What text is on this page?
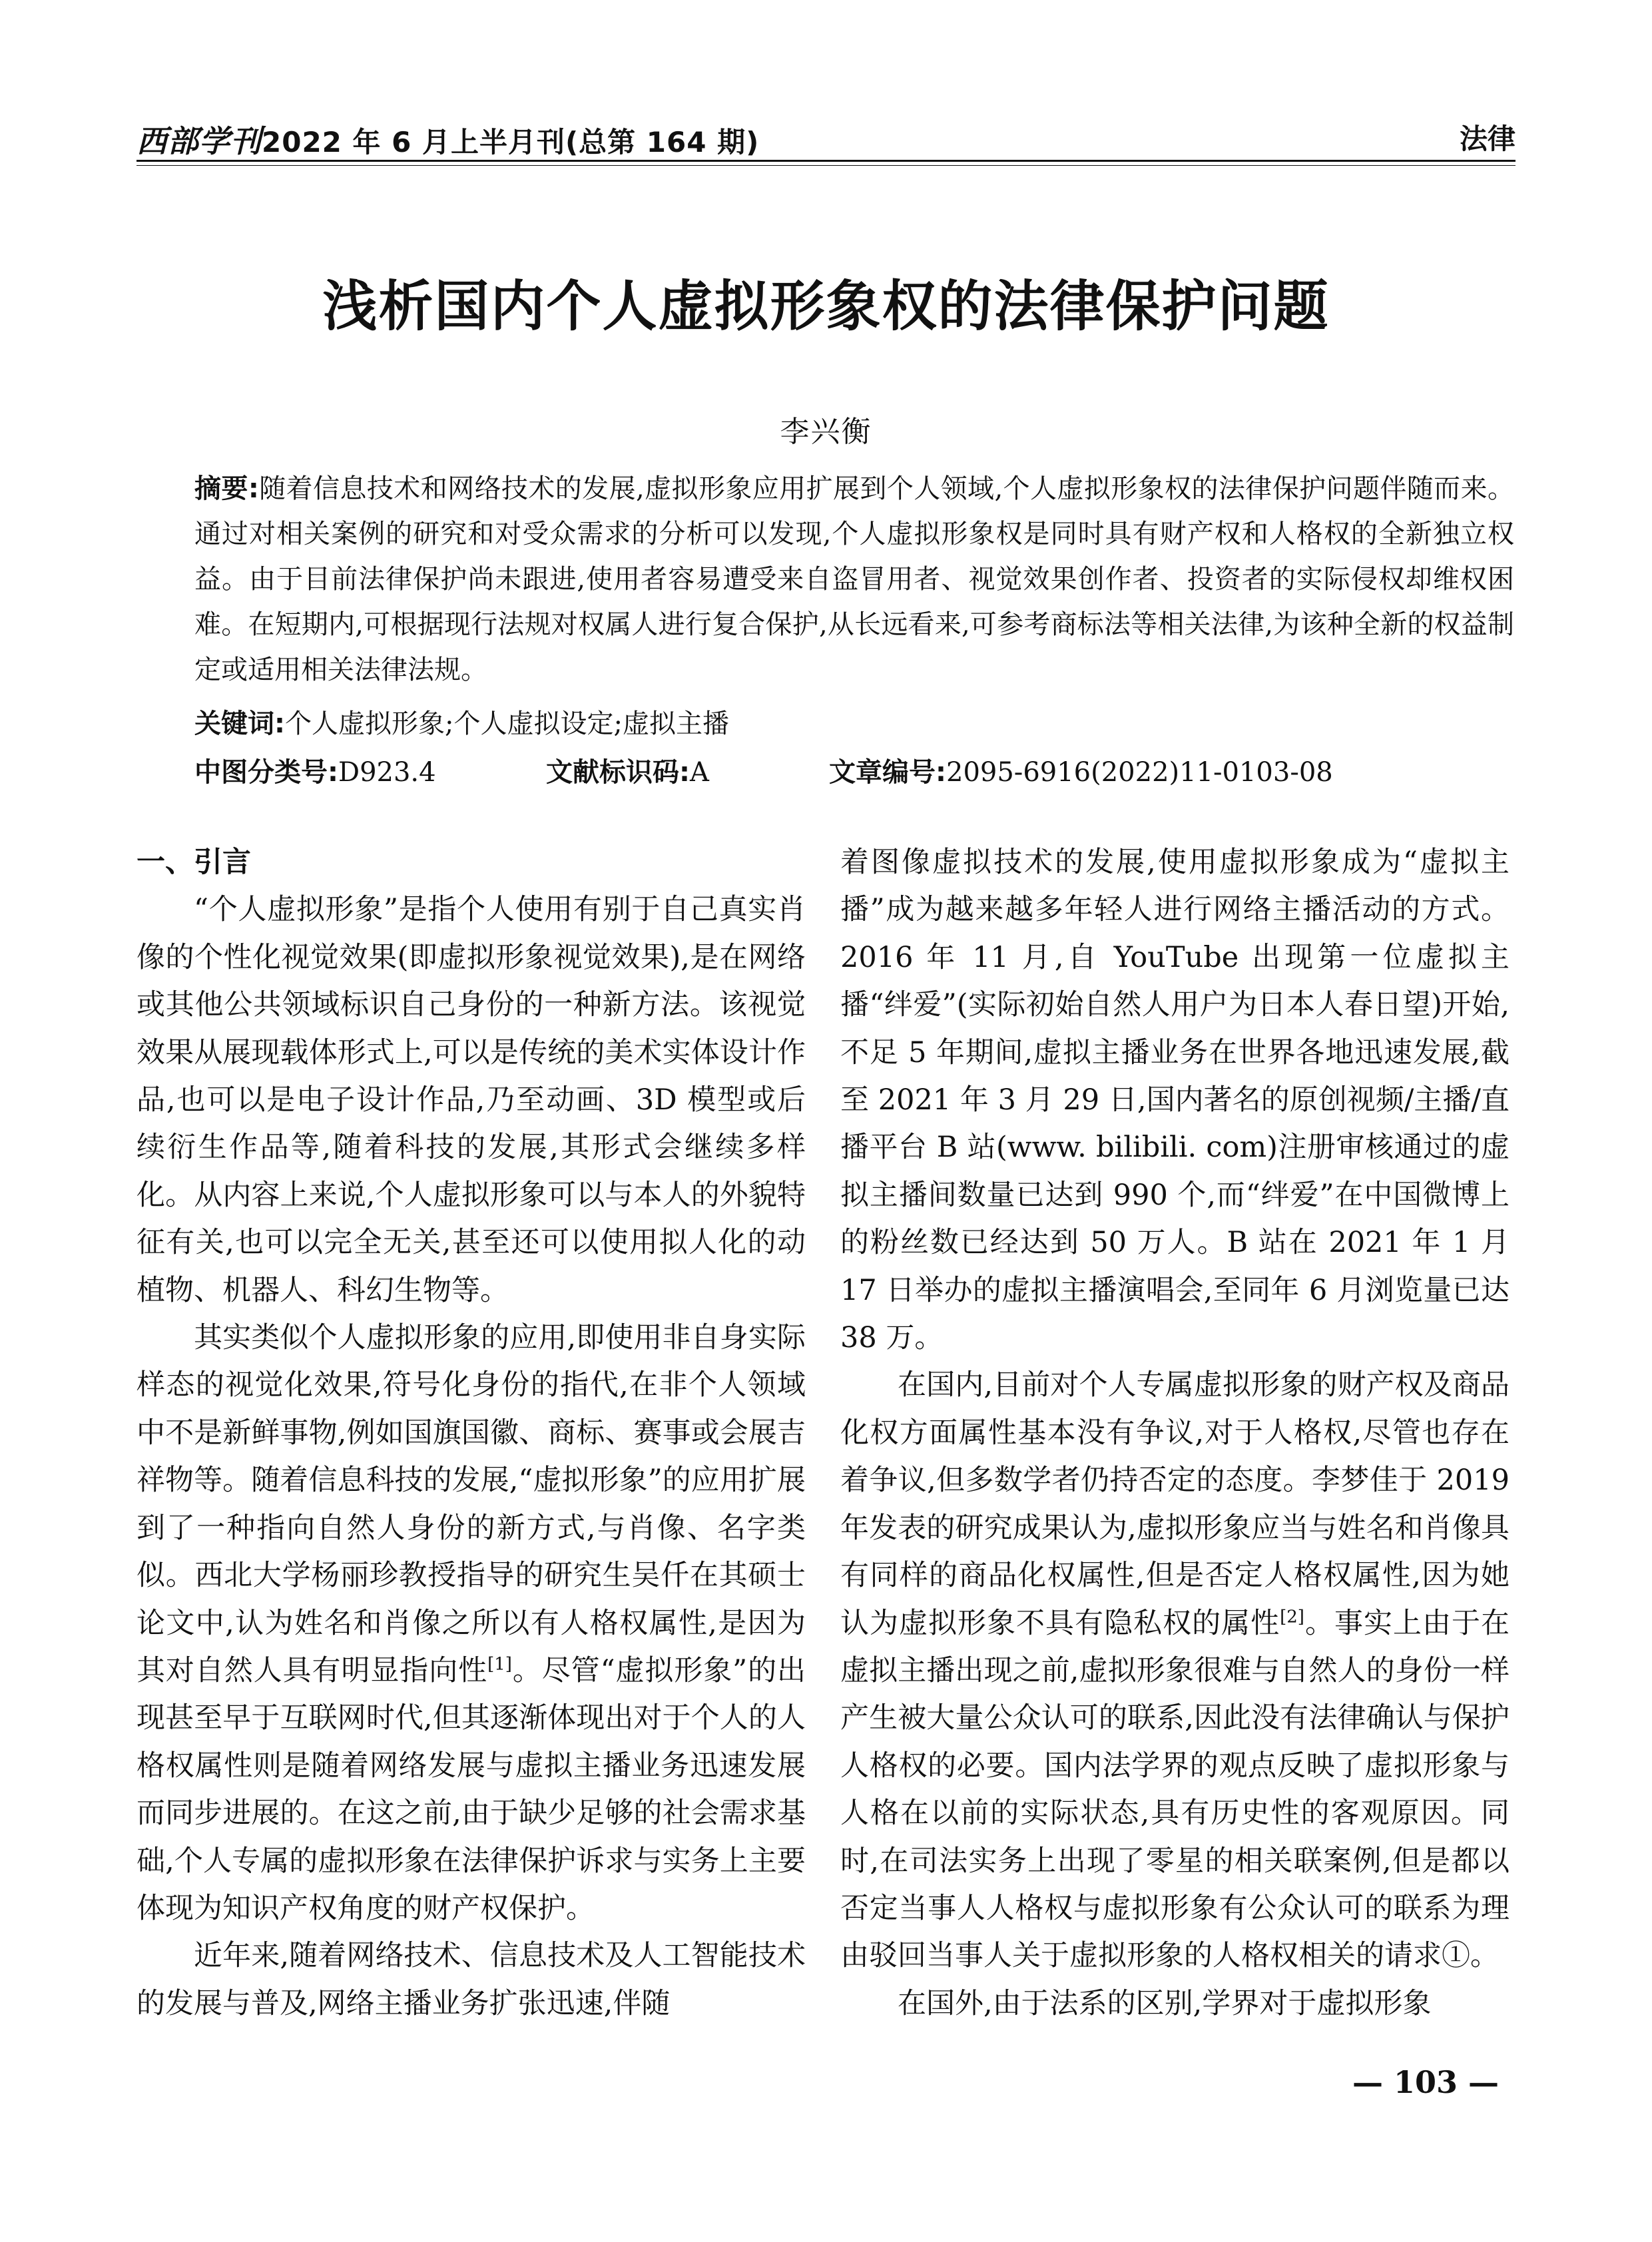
西部学刊2022 年 6 月上半月刊(总第 164 期)	法律
浅析国内个人虚拟形象权的法律保护问题
李兴衡
摘要:随着信息技术和网络技术的发展,虚拟形象应用扩展到个人领域,个人虚拟形象权的法律保护问题伴随而来。通过对相关案例的研究和对受众需求的分析可以发现,个人虚拟形象权是同时具有财产权和人格权的全新独立权益。由于目前法律保护尚未跟进,使用者容易遭受来自盗冒用者、视觉效果创作者、投资者的实际侵权却维权困难。在短期内,可根据现行法规对权属人进行复合保护,从长远看来,可参考商标法等相关法律,为该种全新的权益制定或适用相关法律法规。
关键词:个人虚拟形象;个人虚拟设定;虚拟主播
中图分类号:D923.4	文献标识码:A	文章编号:2095-6916(2022)11-0103-08
一、引言

“个人虚拟形象”是指个人使用有别于自己真实肖像的个性化视觉效果(即虚拟形象视觉效果),是在网络或其他公共领域标识自己身份的一种新方法。该视觉效果从展现载体形式上,可以是传统的美术实体设计作品,也可以是电子设计作品,乃至动画、3D 模型或后续衍生作品等,随着科技的发展,其形式会继续多样化。从内容上来说,个人虚拟形象可以与本人的外貌特征有关,也可以完全无关,甚至还可以使用拟人化的动植物、机器人、科幻生物等。

其实类似个人虚拟形象的应用,即使用非自身实际样态的视觉化效果,符号化身份的指代,在非个人领域中不是新鲜事物,例如国旗国徽、商标、赛事或会展吉祥物等。随着信息科技的发展,“虚拟形象”的应用扩展到了一种指向自然人身份的新方式,与肖像、名字类似。西北大学杨丽珍教授指导的研究生吴仟在其硕士论文中,认为姓名和肖像之所以有人格权属性,是因为其对自然人具有明显指向性[1]。尽管“虚拟形象”的出现甚至早于互联网时代,但其逐渐体现出对于个人的人格权属性则是随着网络发展与虚拟主播业务迅速发展而同步进展的。在这之前,由于缺少足够的社会需求基础,个人专属的虚拟形象在法律保护诉求与实务上主要体现为知识产权角度的财产权保护。

近年来,随着网络技术、信息技术及人工智能技术的发展与普及,网络主播业务扩张迅速,伴随

着图像虚拟技术的发展,使用虚拟形象成为“虚拟主播”成为越来越多年轻人进行网络主播活动的方式。2016 年 11 月,自 YouTube 出现第一位虚拟主播“绊爱”(实际初始自然人用户为日本人春日望)开始,不足 5 年期间,虚拟主播业务在世界各地迅速发展,截至 2021 年 3 月 29 日,国内著名的原创视频/主播/直播平台 B 站(www. bilibili. com)注册审核通过的虚拟主播间数量已达到 990 个,而“绊爱”在中国微博上的粉丝数已经达到 50 万人。B 站在 2021 年 1 月 17 日举办的虚拟主播演唱会,至同年 6 月浏览量已达 38 万。

在国内,目前对个人专属虚拟形象的财产权及商品化权方面属性基本没有争议,对于人格权,尽管也存在着争议,但多数学者仍持否定的态度。李梦佳于 2019 年发表的研究成果认为,虚拟形象应当与姓名和肖像具有同样的商品化权属性,但是否定人格权属性,因为她认为虚拟形象不具有隐私权的属性[2]。事实上由于在虚拟主播出现之前,虚拟形象很难与自然人的身份一样产生被大量公众认可的联系,因此没有法律确认与保护人格权的必要。国内法学界的观点反映了虚拟形象与人格在以前的实际状态,具有历史性的客观原因。同时,在司法实务上出现了零星的相关联案例,但是都以否定当事人人格权与虚拟形象有公众认可的联系为理由驳回当事人关于虚拟形象的人格权相关的请求①。

在国外,由于法系的区别,学界对于虚拟形象

— 103 —
